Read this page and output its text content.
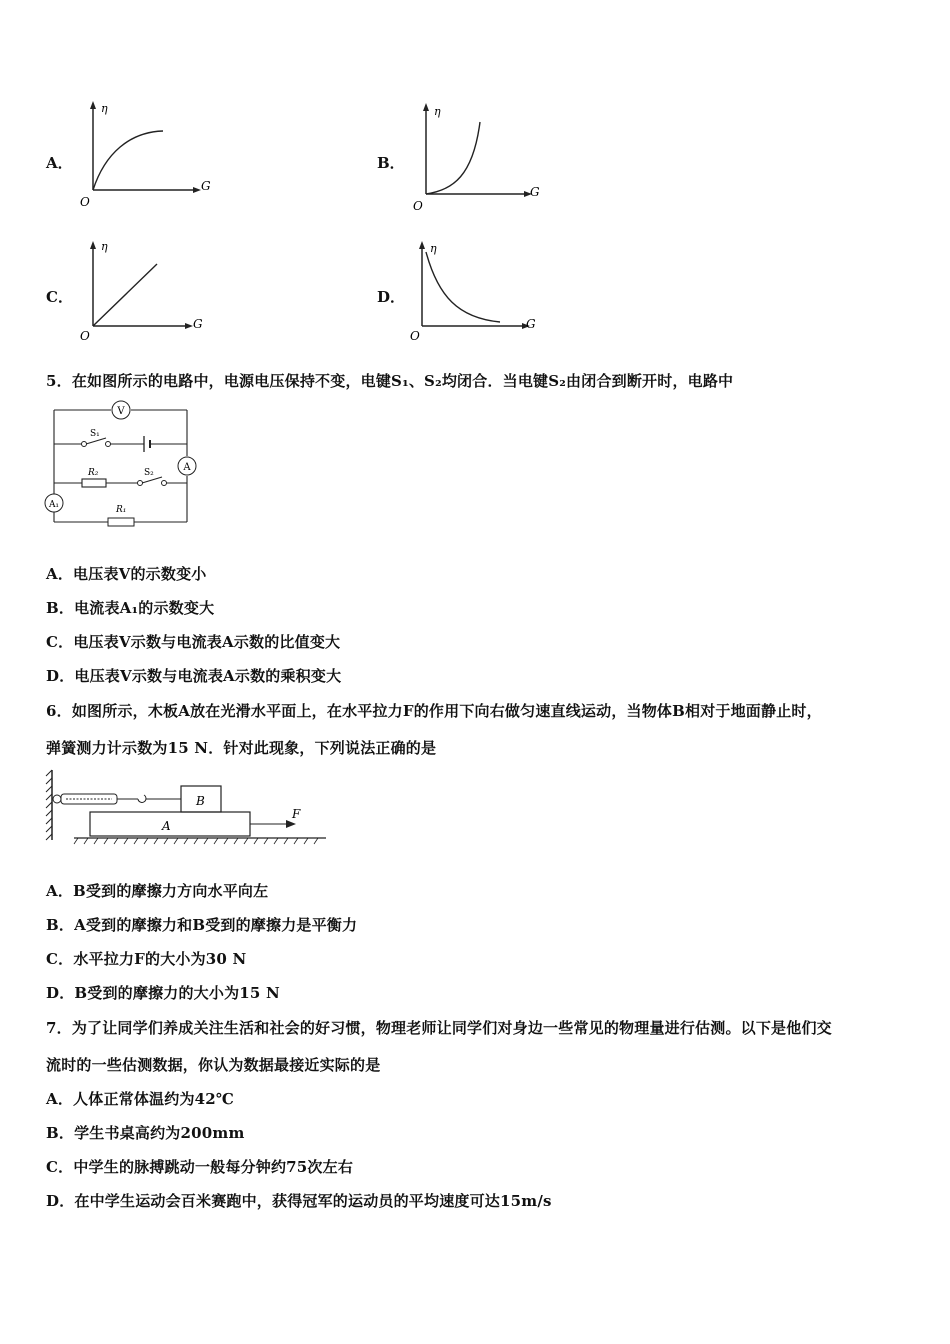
A．
η
G
O
B．
η
G
O
C．
η
G
O
D．
η
G
O
5．在如图所示的电路中，电源电压保持不变，电键S₁、S₂均闭合．当电键S₂由闭合到断开时，电路中
V
A
A₁
S₁
R₂	S₂
R₁
A．电压表V的示数变小
B．电流表A₁的示数变大
C．电压表V示数与电流表A示数的比值变大
D．电压表V示数与电流表A示数的乘积变大
6．如图所示，木板A放在光滑水平面上，在水平拉力F的作用下向右做匀速直线运动，当物体B相对于地面静止时，
弹簧测力计示数为15 N．针对此现象，下列说法正确的是
B
A
F
A．B受到的摩擦力方向水平向左
B．A受到的摩擦力和B受到的摩擦力是平衡力
C．水平拉力F的大小为30 N
D．B受到的摩擦力的大小为15 N
7．为了让同学们养成关注生活和社会的好习惯，物理老师让同学们对身边一些常见的物理量进行估测。以下是他们交
流时的一些估测数据，你认为数据最接近实际的是
A．人体正常体温约为42℃
B．学生书桌高约为200mm
C．中学生的脉搏跳动一般每分钟约75次左右
D．在中学生运动会百米赛跑中，获得冠军的运动员的平均速度可达15m/s
